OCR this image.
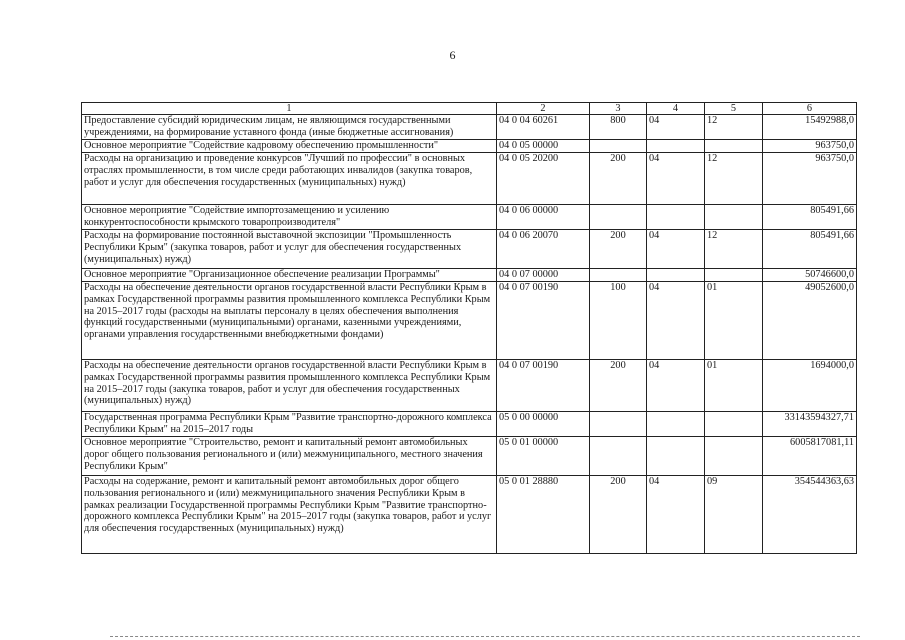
6
1	2	3	4	5	6
Предоставление субсидий юридическим лицам, не являющимся государственными учреждениями, на формирование уставного фонда (иные бюджетные ассигнования)	04 0 04 60261	800	04	12	15492988,0
Основное мероприятие "Содействие кадровому обеспечению промышленности"	04 0 05 00000				963750,0
Расходы на организацию и проведение конкурсов "Лучший по профессии" в основных отраслях промышленности, в том числе среди работающих инвалидов (закупка товаров, работ и услуг для обеспечения государственных (муниципальных) нужд)	04 0 05 20200	200	04	12	963750,0
Основное мероприятие "Содействие импортозамещению и усилению конкурентоспособности крымского товаропроизводителя"	04 0 06 00000				805491,66
Расходы на формирование постоянной выставочной экспозиции "Промышленность Республики Крым" (закупка товаров, работ и услуг для обеспечения государственных (муниципальных) нужд)	04 0 06 20070	200	04	12	805491,66
Основное мероприятие "Организационное обеспечение реализации Программы"	04 0 07 00000				50746600,0
Расходы на обеспечение деятельности органов государственной власти Республики Крым в рамках Государственной программы развития промышленного комплекса Республики Крым на 2015–2017 годы (расходы на выплаты персоналу в целях обеспечения выполнения функций государственными (муниципальными) органами, казенными учреждениями, органами управления государственными внебюджетными фондами)	04 0 07 00190	100	04	01	49052600,0
Расходы на обеспечение деятельности органов государственной власти Республики Крым в рамках Государственной программы развития промышленного комплекса Республики Крым на 2015–2017 годы (закупка товаров, работ и услуг для обеспечения государственных (муниципальных) нужд)	04 0 07 00190	200	04	01	1694000,0
Государственная программа Республики Крым "Развитие транспортно-дорожного комплекса Республики Крым" на 2015–2017 годы	05 0 00 00000				33143594327,71
Основное мероприятие "Строительство, ремонт и капитальный ремонт автомобильных дорог общего пользования регионального и (или) межмуниципального, местного значения Республики Крым"	05 0 01 00000				6005817081,11
Расходы на содержание, ремонт и капитальный ремонт автомобильных дорог общего пользования регионального и (или) межмуниципального значения Республики Крым в рамках реализации Государственной программы Республики Крым "Развитие транспортно-дорожного комплекса Республики Крым" на 2015–2017 годы (закупка товаров, работ и услуг для обеспечения государственных (муниципальных) нужд)	05 0 01 28880	200	04	09	354544363,63
